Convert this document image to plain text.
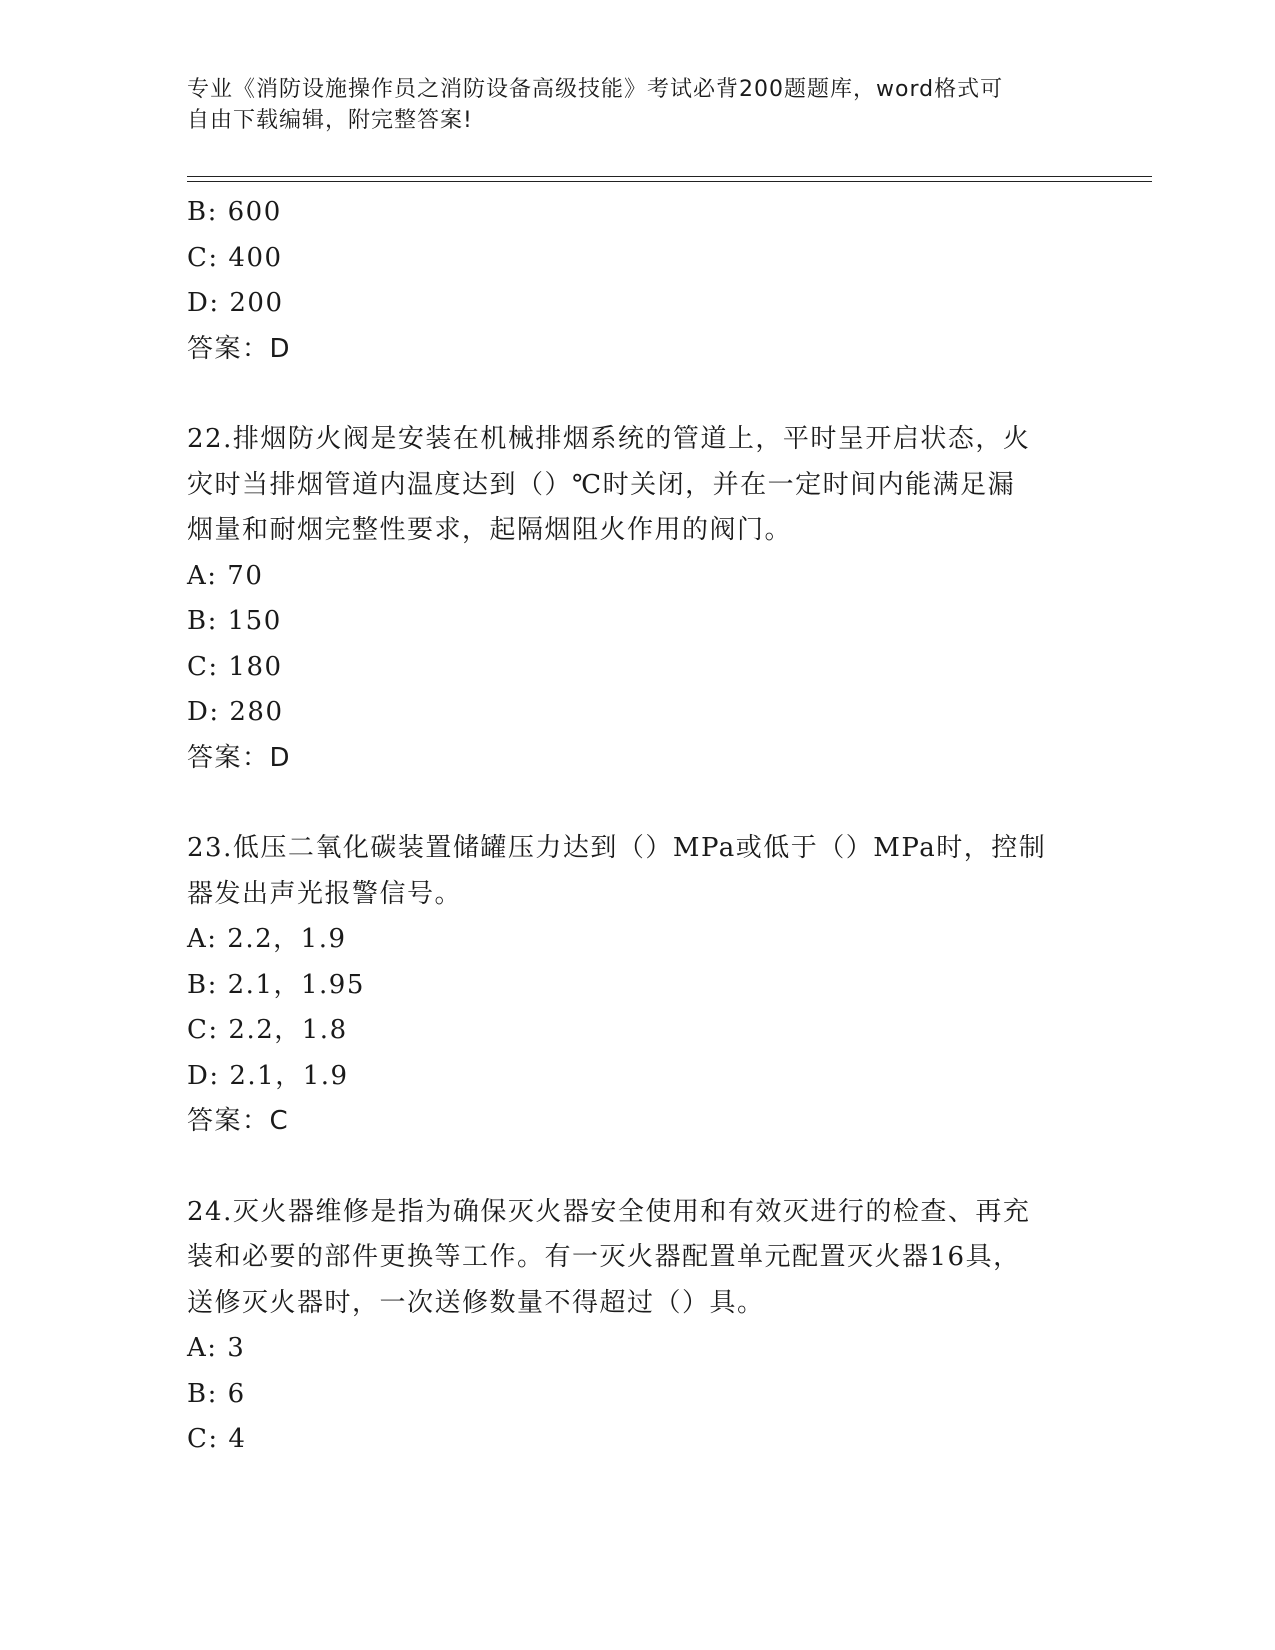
专业《消防设施操作员之消防设备高级技能》考试必背200题题库，word格式可
自由下载编辑，附完整答案!
B: 600
C: 400
D: 200
答案：D
22.排烟防火阀是安装在机械排烟系统的管道上，平时呈开启状态，火
灾时当排烟管道内温度达到（）℃时关闭，并在一定时间内能满足漏
烟量和耐烟完整性要求，起隔烟阻火作用的阀门。
A: 70
B: 150
C: 180
D: 280
答案：D
23.低压二氧化碳装置储罐压力达到（）MPa或低于（）MPa时，控制
器发出声光报警信号。
A: 2.2，1.9
B: 2.1，1.95
C: 2.2，1.8
D: 2.1，1.9
答案：C
24.灭火器维修是指为确保灭火器安全使用和有效灭进行的检查、再充
装和必要的部件更换等工作。有一灭火器配置单元配置灭火器16具，
送修灭火器时，一次送修数量不得超过（）具。
A: 3
B: 6
C: 4
